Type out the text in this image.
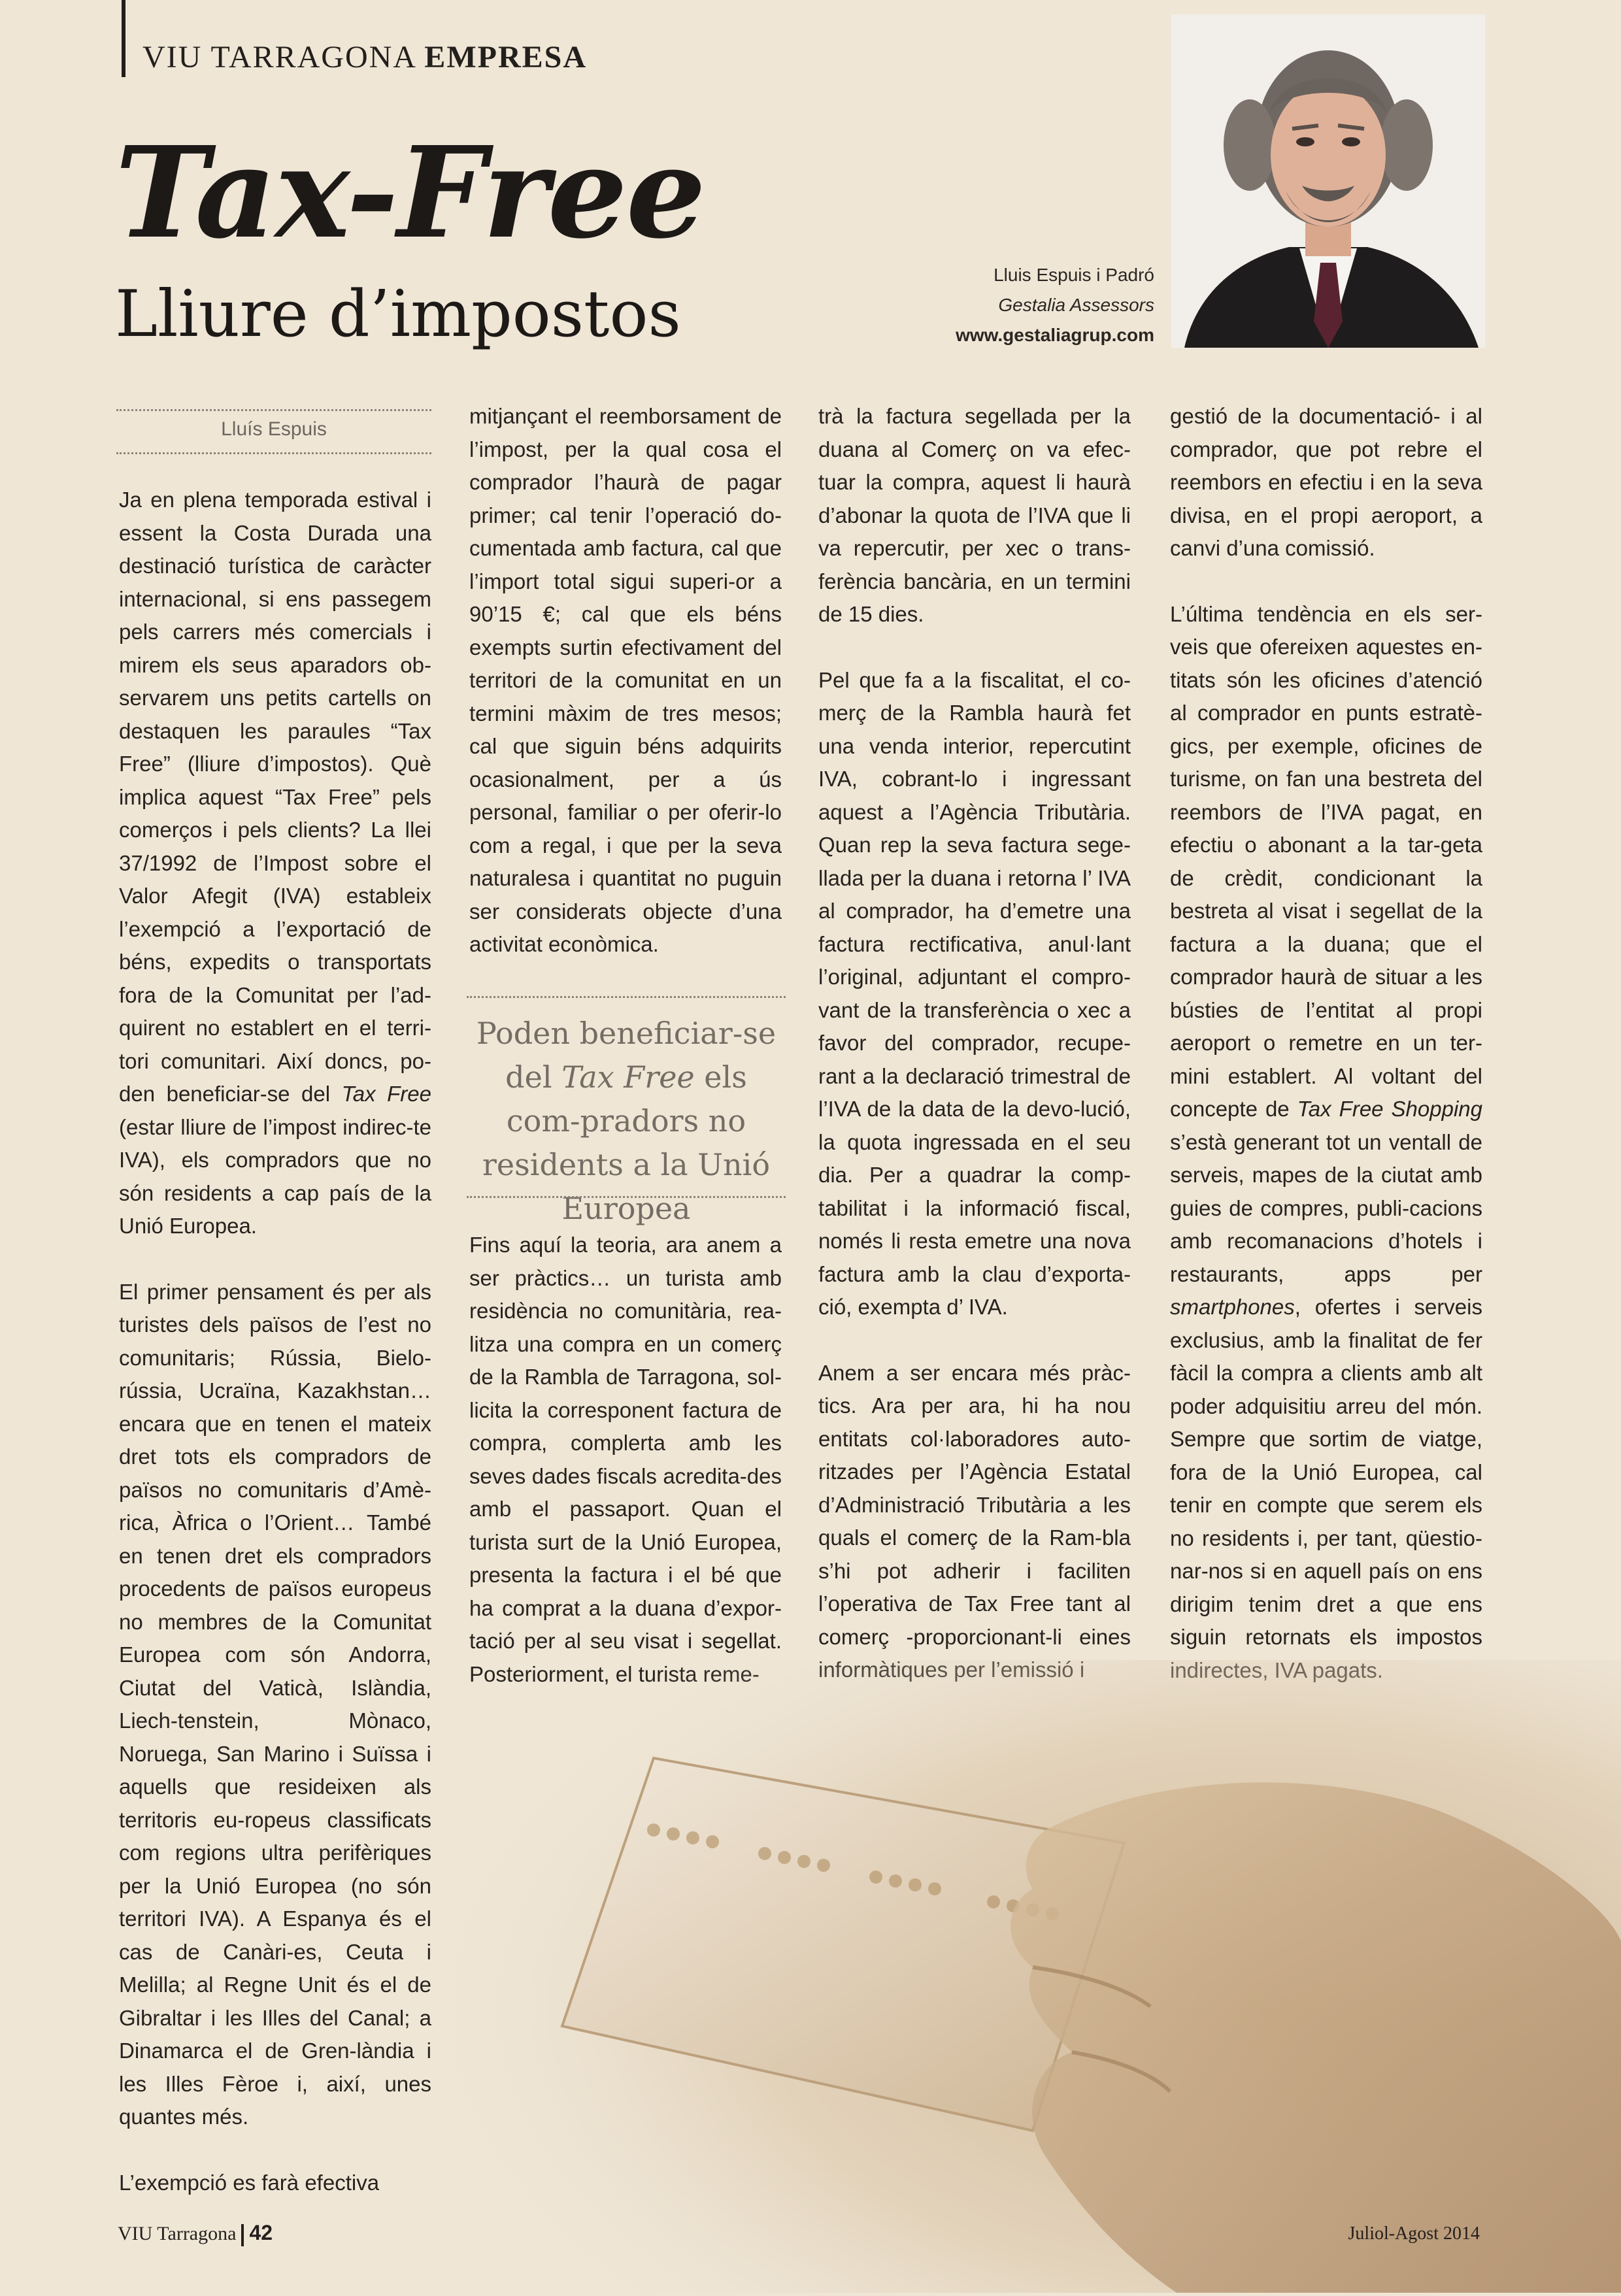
VIU TARRAGONA EMPRESA
Tax-Free
Lliure d’impostos
Lluis Espuis i Padró
Gestalia Assessors
www.gestaliagrup.com
Lluís Espuis

Ja en plena temporada estival i essent la Costa Durada una destinació turística de caràcter internacional, si ens passegem pels carrers més comercials i mirem els seus aparadors ob-servarem uns petits cartells on destaquen les paraules “Tax Free” (lliure d’impostos). Què implica aquest “Tax Free” pels comerços i pels clients? La llei 37/1992 de l’Impost sobre el Valor Afegit (IVA) estableix l’exempció a l’exportació de béns, expedits o transportats fora de la Comunitat per l’ad-quirent no establert en el terri-tori comunitari. Així doncs, po-den beneficiar-se del Tax Free (estar lliure de l’impost indirec-te IVA), els compradors que no són residents a cap país de la Unió Europea.

El primer pensament és per als turistes dels països de l’est no comunitaris; Rússia, Bielo-rússia, Ucraïna, Kazakhstan… encara que en tenen el mateix dret tots els compradors de països no comunitaris d’Amè-rica, Àfrica o l’Orient… També en tenen dret els compradors procedents de països europeus no membres de la Comunitat Europea com són Andorra, Ciutat del Vaticà, Islàndia, Liech-tenstein, Mònaco, Noruega, San Marino i Suïssa i aquells que resideixen als territoris eu-ropeus classificats com regions ultra perifèriques per la Unió Europea (no són territori IVA). A Espanya és el cas de Canàri-es, Ceuta i Melilla; al Regne Unit és el de Gibraltar i les Illes del Canal; a Dinamarca el de Gren-làndia i les Illes Fèroe i, així, unes quantes més.

L’exempció es farà efectiva

mitjançant el reemborsament de l’impost, per la qual cosa el comprador l’haurà de pagar primer; cal tenir l’operació do-cumentada amb factura, cal que l’import total sigui superi-or a 90’15 €; cal que els béns exempts surtin efectivament del territori de la comunitat en un termini màxim de tres mesos; cal que siguin béns adquirits ocasionalment, per a ús personal, familiar o per oferir-lo com a regal, i que per la seva naturalesa i quantitat no puguin ser considerats objecte d’una activitat econòmica.

Fins aquí la teoria, ara anem a ser pràctics… un turista amb residència no comunitària, rea-litza una compra en un comerç de la Rambla de Tarragona, sol-licita la corresponent factura de compra, complerta amb les seves dades fiscals acredita-des amb el passaport. Quan el turista surt de la Unió Europea, presenta la factura i el bé que ha comprat a la duana d’expor-tació per al seu visat i segellat.

Poden beneficiar-se del Tax Free els com-pradors no residents a la Unió Europea

trà la factura segellada per la duana al Comerç on va efec-tuar la compra, aquest li haurà d’abonar la quota de l’IVA que li va repercutir, per xec o trans-ferència bancària, en un termini de 15 dies.

Pel que fa a la fiscalitat, el co-merç de la Rambla haurà fet una venda interior, repercutint IVA, cobrant-lo i ingressant aquest a l’Agència Tributària. Quan rep la seva factura sege-llada per la duana i retorna l’ IVA al comprador, ha d’emetre una factura rectificativa, anul·lant l’original, adjuntant el compro-vant de la transferència o xec a favor del comprador, recupe-rant a la declaració trimestral de l’IVA de la data de la devo-lució, la quota ingressada en el seu dia. Per a quadrar la comp-tabilitat i la informació fiscal, només li resta emetre una nova factura amb la clau d’exporta-ció, exempta d’ IVA.

Anem a ser encara més pràc-tics. Ara per ara, hi ha nou entitats col·laboradores auto-ritzades per l’Agència Estatal d’Administració Tributària a les quals el comerç de la Ram-bla s’hi pot adherir i faciliten l’operativa de Tax Free tant al comerç -proporcionant-li eines

gestió de la documentació- i al comprador, que pot rebre el reembors en efectiu i en la seva divisa, en el propi aeroport, a canvi d’una comissió.

L’última tendència en els ser-veis que ofereixen aquestes en-titats són les oficines d’atenció al comprador en punts estratè-gics, per exemple, oficines de turisme, on fan una bestreta del reembors de l’IVA pagat, en efectiu o abonant a la tar-geta de crèdit, condicionant la bestreta al visat i segellat de la factura a la duana; que el comprador haurà de situar a les bústies de l’entitat al propi aeroport o remetre en un ter-mini establert. Al voltant del concepte de Tax Free Shopping s’està generant tot un ventall de serveis, mapes de la ciutat amb guies de compres, publi-cacions amb recomanacions d’hotels i restaurants, apps per smartphones, ofertes i serveis exclusius, amb la finalitat de fer fàcil la compra a clients amb alt poder adquisitiu arreu del món. Sempre que sortim de viatge, fora de la Unió Europea, cal tenir en compte que serem els no residents i, per tant, qüestio-nar-nos si en aquell país on ens dirigim tenim dret a que ens siguin retornats els impostos

VIU Tarragona 42	Juliol-Agost 2014
